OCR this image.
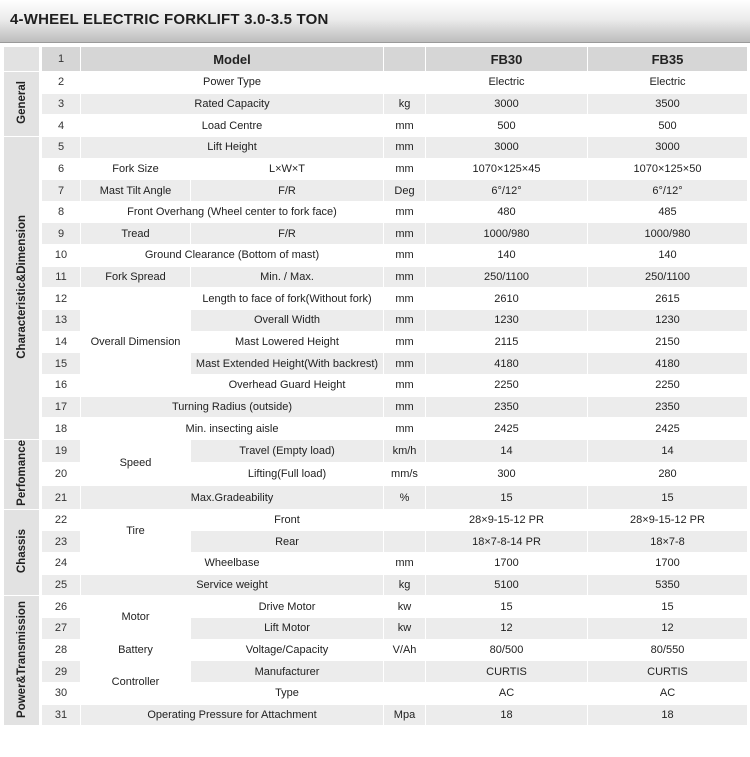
4-WHEEL ELECTRIC FORKLIFT 3.0-3.5 TON
	1	Model			FB30	FB35
General	2	Power Type			Electric	Electric
	3	Rated Capacity		kg	3000	3500
	4	Load Centre		mm	500	500
Characteristic&Dimension	5	Lift Height		mm	3000	3000
	6	Fork Size	L×W×T	mm	1070×125×45	1070×125×50
	7	Mast Tilt Angle	F/R	Deg	6°/12°	6°/12°
	8	Front Overhang (Wheel center to fork face)		mm	480	485
	9	Tread	F/R	mm	1000/980	1000/980
	10	Ground Clearance (Bottom of mast)		mm	140	140
	11	Fork Spread	Min. / Max.	mm	250/1100	250/1100
	12	Overall Dimension	Length to face of fork(Without fork)	mm	2610	2615
	13		Overall Width	mm	1230	1230
	14		Mast Lowered Height	mm	2115	2150
	15		Mast Extended Height(With backrest)	mm	4180	4180
	16		Overhead Guard Height	mm	2250	2250
	17	Turning Radius (outside)		mm	2350	2350
	18	Min. insecting aisle		mm	2425	2425
Perfomance	19	Speed	Travel (Empty load)	km/h	14	14
	20		Lifting(Full load)	mm/s	300	280
	21	Max.Gradeability		%	15	15
Chassis	22	Tire	Front		28×9-15-12 PR	28×9-15-12 PR
	23		Rear		18×7-8-14 PR	18×7-8
	24	Wheelbase		mm	1700	1700
	25	Service weight		kg	5100	5350
Power&Transmission	26	Motor	Drive Motor	kw	15	15
	27		Lift Motor	kw	12	12
	28	Battery	Voltage/Capacity	V/Ah	80/500	80/550
	29	Controller	Manufacturer		CURTIS	CURTIS
	30		Type		AC	AC
	31	Operating Pressure for Attachment		Mpa	18	18
